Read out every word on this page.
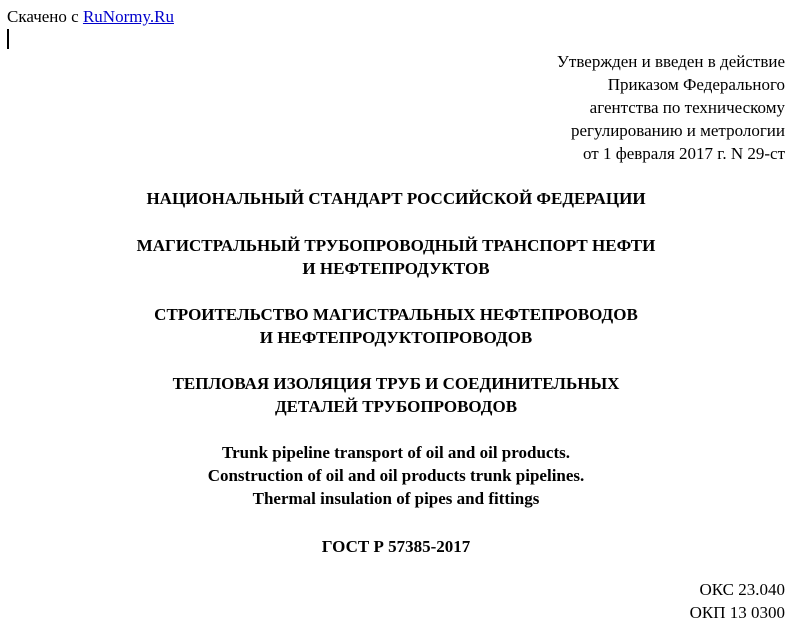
Скачено с RuNormy.Ru
Утвержден и введен в действие
Приказом Федерального
агентства по техническому
регулированию и метрологии
от 1 февраля 2017 г. N 29-ст
НАЦИОНАЛЬНЫЙ СТАНДАРТ РОССИЙСКОЙ ФЕДЕРАЦИИ
МАГИСТРАЛЬНЫЙ ТРУБОПРОВОДНЫЙ ТРАНСПОРТ НЕФТИ
И НЕФТЕПРОДУКТОВ
СТРОИТЕЛЬСТВО МАГИСТРАЛЬНЫХ НЕФТЕПРОВОДОВ
И НЕФТЕПРОДУКТОПРОВОДОВ
ТЕПЛОВАЯ ИЗОЛЯЦИЯ ТРУБ И СОЕДИНИТЕЛЬНЫХ
ДЕТАЛЕЙ ТРУБОПРОВОДОВ
Trunk pipeline transport of oil and oil products.
Construction of oil and oil products trunk pipelines.
Thermal insulation of pipes and fittings
ГОСТ Р 57385-2017
ОКС 23.040
ОКП 13 0300
